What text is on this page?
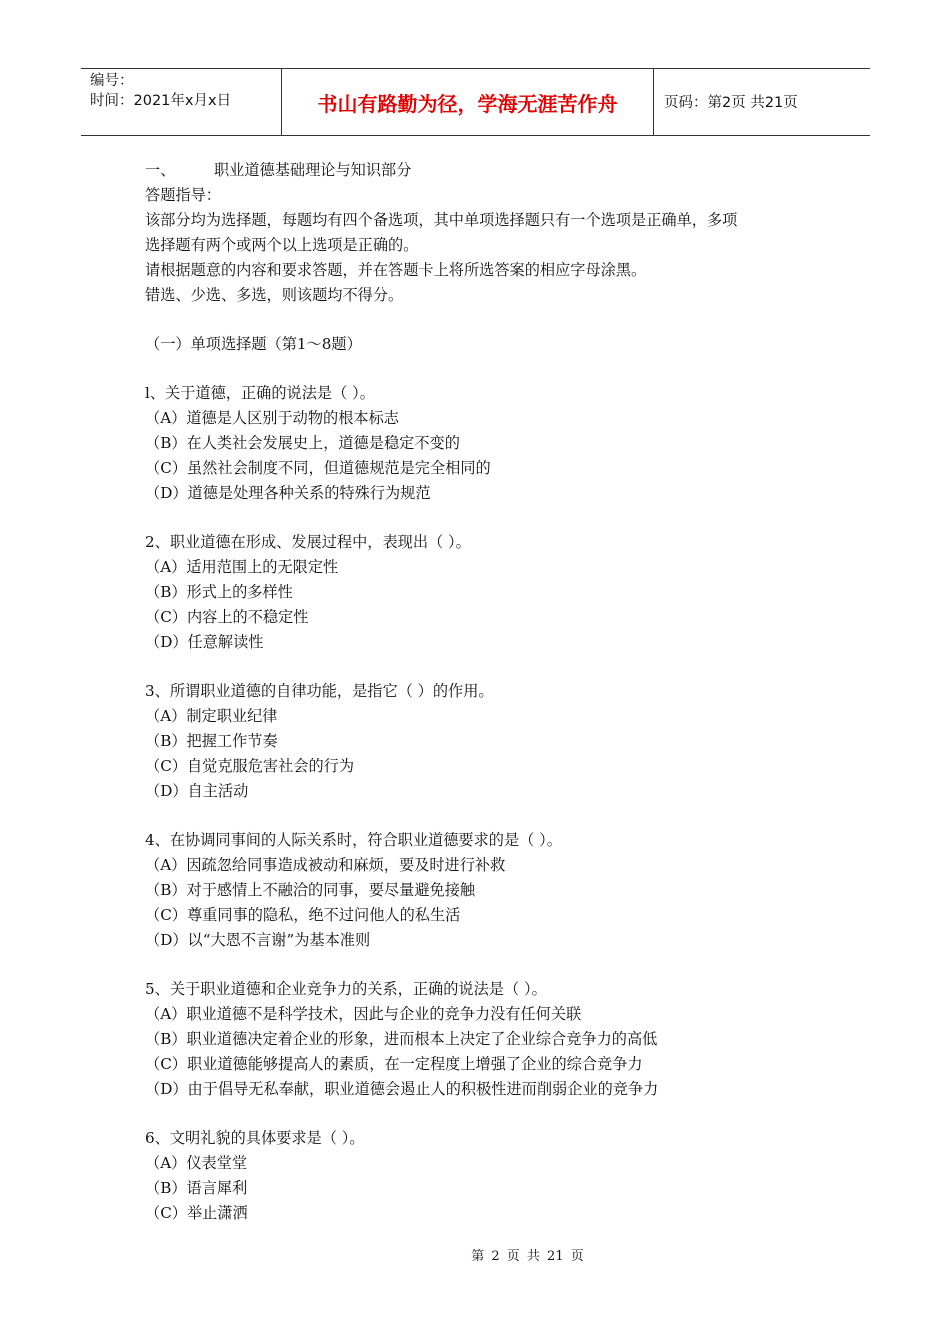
编号：
时间：2021年x月x日	书山有路勤为径，学海无涯苦作舟	页码：第2页 共21页
一、        职业道德基础理论与知识部分
答题指导：
该部分均为选择题，每题均有四个备选项，其中单项选择题只有一个选项是正确单，多项
选择题有两个或两个以上选项是正确的。
请根据题意的内容和要求答题，并在答题卡上将所选答案的相应字母涂黑。
错选、少选、多选，则该题均不得分。
（一）单项选择题（第1～8题）
l、关于道德，正确的说法是（ ）。
（A）道德是人区别于动物的根本标志
（B）在人类社会发展史上，道德是稳定不变的
（C）虽然社会制度不同，但道德规范是完全相同的
（D）道德是处理各种关系的特殊行为规范
2、职业道德在形成、发展过程中，表现出（ ）。
（A）适用范围上的无限定性
（B）形式上的多样性
（C）内容上的不稳定性
（D）任意解读性
3、所谓职业道德的自律功能，是指它（ ）的作用。
（A）制定职业纪律
（B）把握工作节奏
（C）自觉克服危害社会的行为
（D）自主活动
4、在协调同事间的人际关系时，符合职业道德要求的是（ ）。
（A）因疏忽给同事造成被动和麻烦，要及时进行补救
（B）对于感情上不融洽的同事，要尽量避免接触
（C）尊重同事的隐私，绝不过问他人的私生活
（D）以“大恩不言谢”为基本准则
5、关于职业道德和企业竞争力的关系，正确的说法是（ ）。
（A）职业道德不是科学技术，因此与企业的竞争力没有任何关联
（B）职业道德决定着企业的形象，进而根本上决定了企业综合竞争力的高低
（C）职业道德能够提高人的素质，在一定程度上增强了企业的综合竞争力
（D）由于倡导无私奉献，职业道德会遏止人的积极性进而削弱企业的竞争力
6、文明礼貌的具体要求是（ ）。
（A）仪表堂堂
（B）语言犀利
（C）举止潇洒
第 2 页 共 21 页
